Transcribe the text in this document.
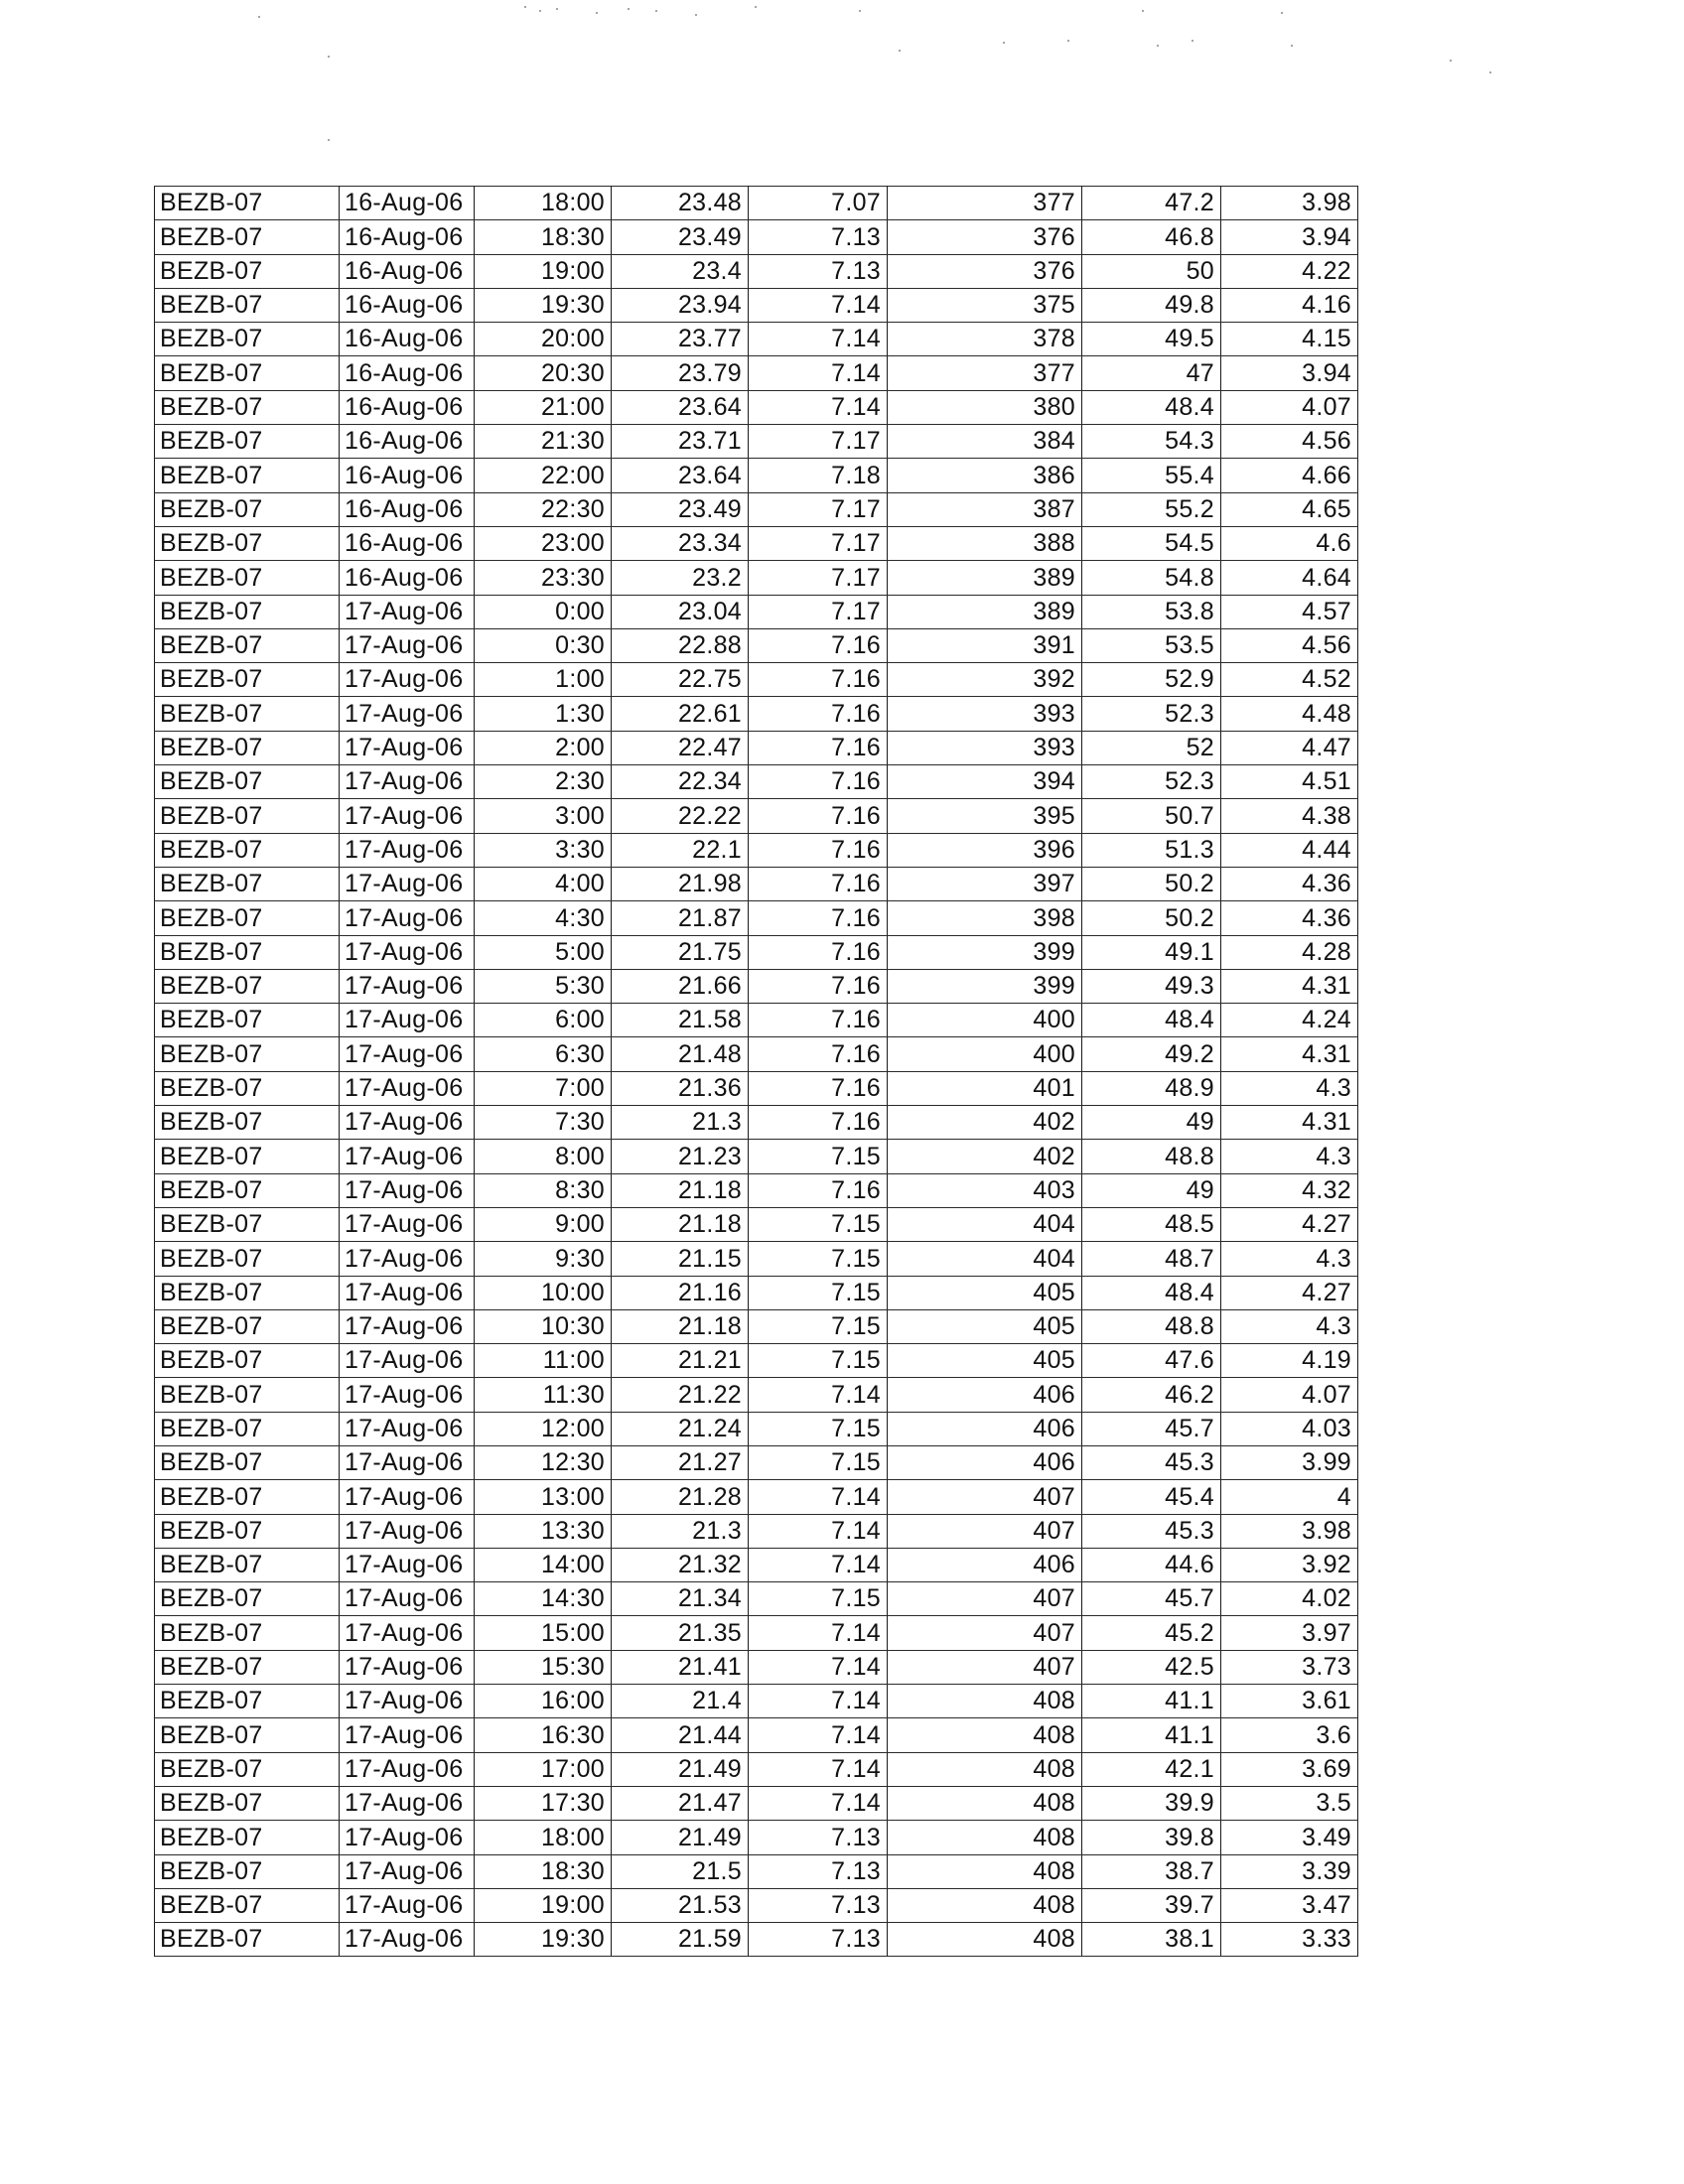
BEZB-07	16-Aug-06	18:00	23.48	7.07	377	47.2	3.98
BEZB-07	16-Aug-06	18:30	23.49	7.13	376	46.8	3.94
BEZB-07	16-Aug-06	19:00	23.4	7.13	376	50	4.22
BEZB-07	16-Aug-06	19:30	23.94	7.14	375	49.8	4.16
BEZB-07	16-Aug-06	20:00	23.77	7.14	378	49.5	4.15
BEZB-07	16-Aug-06	20:30	23.79	7.14	377	47	3.94
BEZB-07	16-Aug-06	21:00	23.64	7.14	380	48.4	4.07
BEZB-07	16-Aug-06	21:30	23.71	7.17	384	54.3	4.56
BEZB-07	16-Aug-06	22:00	23.64	7.18	386	55.4	4.66
BEZB-07	16-Aug-06	22:30	23.49	7.17	387	55.2	4.65
BEZB-07	16-Aug-06	23:00	23.34	7.17	388	54.5	4.6
BEZB-07	16-Aug-06	23:30	23.2	7.17	389	54.8	4.64
BEZB-07	17-Aug-06	0:00	23.04	7.17	389	53.8	4.57
BEZB-07	17-Aug-06	0:30	22.88	7.16	391	53.5	4.56
BEZB-07	17-Aug-06	1:00	22.75	7.16	392	52.9	4.52
BEZB-07	17-Aug-06	1:30	22.61	7.16	393	52.3	4.48
BEZB-07	17-Aug-06	2:00	22.47	7.16	393	52	4.47
BEZB-07	17-Aug-06	2:30	22.34	7.16	394	52.3	4.51
BEZB-07	17-Aug-06	3:00	22.22	7.16	395	50.7	4.38
BEZB-07	17-Aug-06	3:30	22.1	7.16	396	51.3	4.44
BEZB-07	17-Aug-06	4:00	21.98	7.16	397	50.2	4.36
BEZB-07	17-Aug-06	4:30	21.87	7.16	398	50.2	4.36
BEZB-07	17-Aug-06	5:00	21.75	7.16	399	49.1	4.28
BEZB-07	17-Aug-06	5:30	21.66	7.16	399	49.3	4.31
BEZB-07	17-Aug-06	6:00	21.58	7.16	400	48.4	4.24
BEZB-07	17-Aug-06	6:30	21.48	7.16	400	49.2	4.31
BEZB-07	17-Aug-06	7:00	21.36	7.16	401	48.9	4.3
BEZB-07	17-Aug-06	7:30	21.3	7.16	402	49	4.31
BEZB-07	17-Aug-06	8:00	21.23	7.15	402	48.8	4.3
BEZB-07	17-Aug-06	8:30	21.18	7.16	403	49	4.32
BEZB-07	17-Aug-06	9:00	21.18	7.15	404	48.5	4.27
BEZB-07	17-Aug-06	9:30	21.15	7.15	404	48.7	4.3
BEZB-07	17-Aug-06	10:00	21.16	7.15	405	48.4	4.27
BEZB-07	17-Aug-06	10:30	21.18	7.15	405	48.8	4.3
BEZB-07	17-Aug-06	11:00	21.21	7.15	405	47.6	4.19
BEZB-07	17-Aug-06	11:30	21.22	7.14	406	46.2	4.07
BEZB-07	17-Aug-06	12:00	21.24	7.15	406	45.7	4.03
BEZB-07	17-Aug-06	12:30	21.27	7.15	406	45.3	3.99
BEZB-07	17-Aug-06	13:00	21.28	7.14	407	45.4	4
BEZB-07	17-Aug-06	13:30	21.3	7.14	407	45.3	3.98
BEZB-07	17-Aug-06	14:00	21.32	7.14	406	44.6	3.92
BEZB-07	17-Aug-06	14:30	21.34	7.15	407	45.7	4.02
BEZB-07	17-Aug-06	15:00	21.35	7.14	407	45.2	3.97
BEZB-07	17-Aug-06	15:30	21.41	7.14	407	42.5	3.73
BEZB-07	17-Aug-06	16:00	21.4	7.14	408	41.1	3.61
BEZB-07	17-Aug-06	16:30	21.44	7.14	408	41.1	3.6
BEZB-07	17-Aug-06	17:00	21.49	7.14	408	42.1	3.69
BEZB-07	17-Aug-06	17:30	21.47	7.14	408	39.9	3.5
BEZB-07	17-Aug-06	18:00	21.49	7.13	408	39.8	3.49
BEZB-07	17-Aug-06	18:30	21.5	7.13	408	38.7	3.39
BEZB-07	17-Aug-06	19:00	21.53	7.13	408	39.7	3.47
BEZB-07	17-Aug-06	19:30	21.59	7.13	408	38.1	3.33
